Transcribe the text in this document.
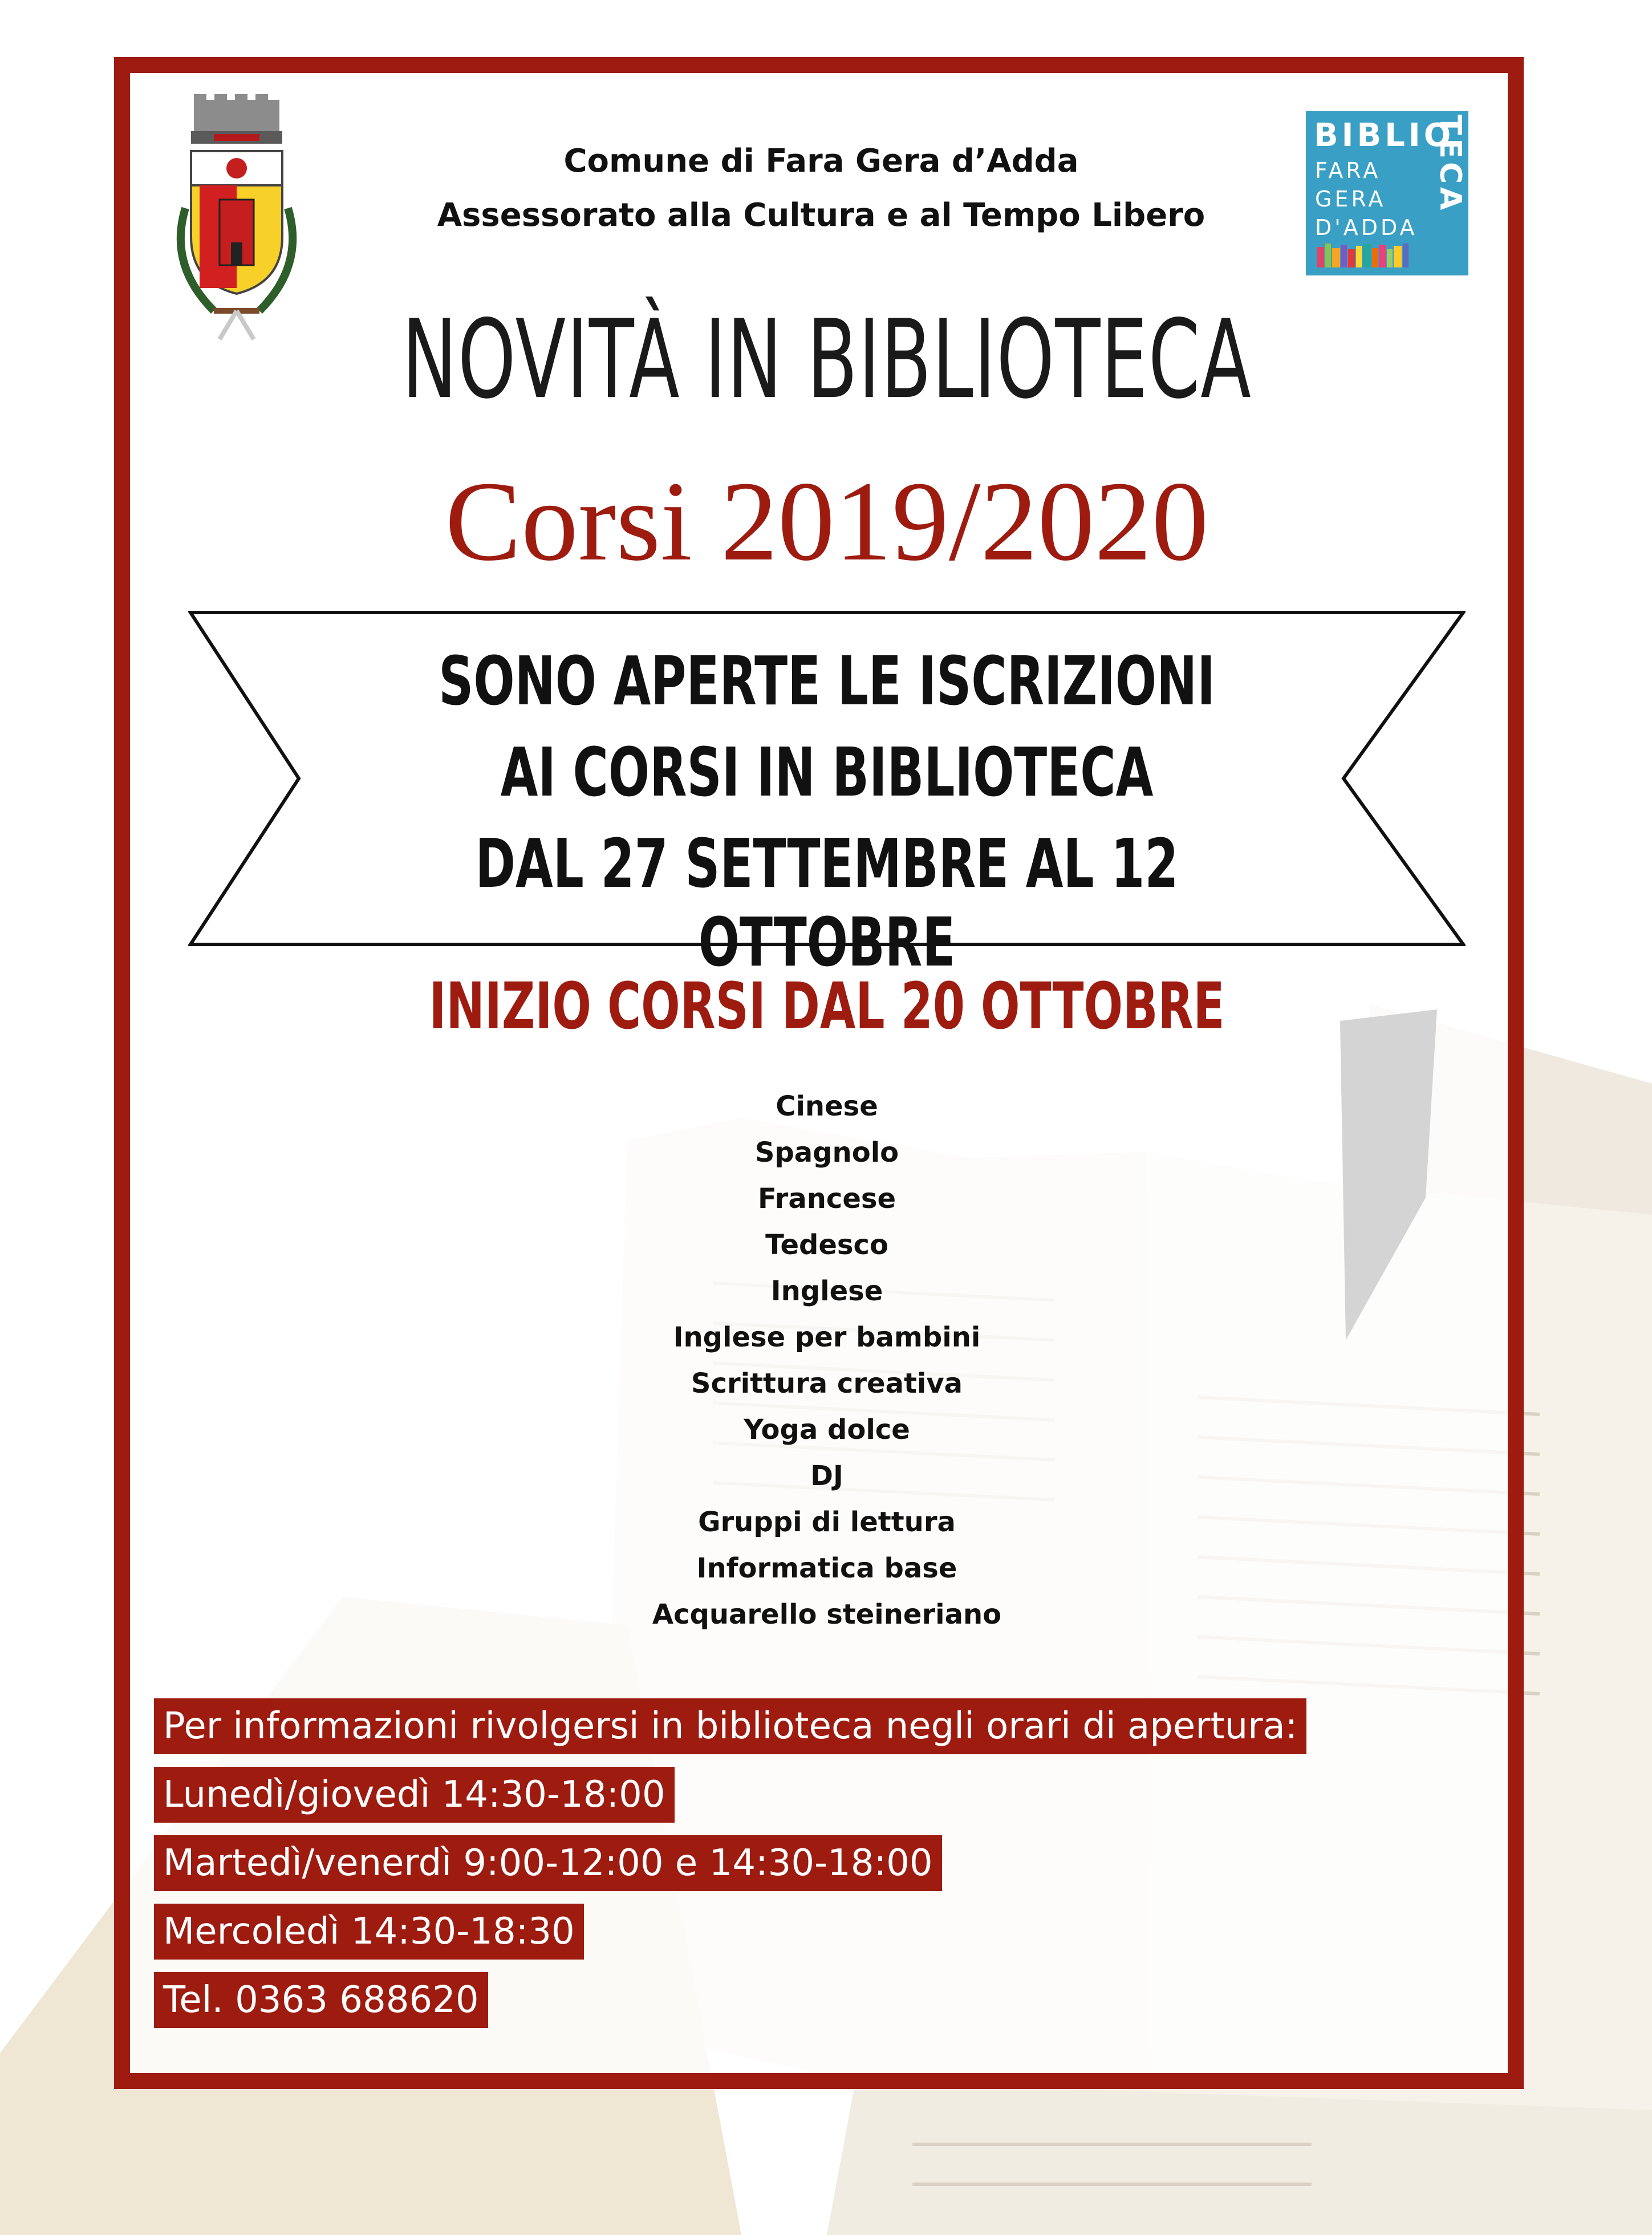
BIBLIO
FARA
GERA
D'ADDA
TECA
Comune di Fara Gera d’Adda
Assessorato alla Cultura e al Tempo Libero
NOVITÀ IN BIBLIOTECA
Corsi 2019/2020
SONO APERTE LE ISCRIZIONI
AI CORSI IN BIBLIOTECA
DAL 27 SETTEMBRE AL 12 OTTOBRE
INIZIO CORSI DAL 20 OTTOBRE
Cinese
Spagnolo
Francese
Tedesco
Inglese
Inglese per bambini
Scrittura creativa
Yoga dolce
DJ
Gruppi di lettura
Informatica base
Acquarello steineriano
Per informazioni rivolgersi in biblioteca negli orari di apertura:
Lunedì/giovedì 14:30-18:00
Martedì/venerdì 9:00-12:00 e 14:30-18:00
Mercoledì 14:30-18:30
Tel. 0363 688620
